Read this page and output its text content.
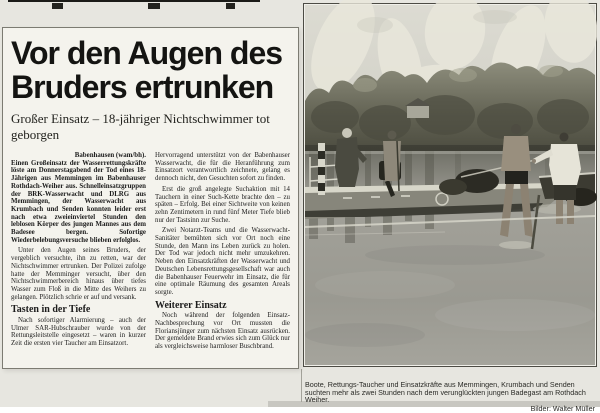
Vor den Augen des
Bruders ertrunken
Großer Einsatz – 18-jähriger Nichtschwimmer tot geborgen

Babenhausen (wam/bh).
Einen Großeinsatz der Wasserrettungskräfte löste am Donnerstagabend der Tod eines 18-Jährigen aus Memmingen im Babenhauser Rothdach-Weiher aus. Schnelleinsatzgruppen der BRK-Wasserwacht und DLRG aus Memmingen, der Wasserwacht aus Krumbach und Senden konnten leider erst nach etwa zweieinviertel Stunden den leblosen Körper des jungen Mannes aus dem Badesee bergen. Sofortige Wiederbelebungsversuche blieben erfolglos.

Unter den Augen seines Bruders, der vergeblich versuchte, ihn zu retten, war der Nichtschwimmer ertrunken. Der Polizei zufolge hatte der Memminger versucht, über den Nichtschwimmerbereich hinaus über tiefes Wasser zum Floß in die Mitte des Weihers zu gelangen. Plötzlich schrie er auf und versank.

Tasten in der Tiefe

Nach sofortiger Alarmierung – auch der Ulmer SAR-Hubschrauber wurde von der Rettungsleitstelle eingesetzt – waren in kurzer Zeit die ersten vier Taucher am Einsatzort.

Hervorragend unterstützt von der Babenhauser Wasserwacht, die für die Heranführung zum Einsatzort verantwortlich zeichnete, gelang es dennoch nicht, den Gesuchten sofort zu finden.

Erst die groß angelegte Suchaktion mit 14 Tauchern in einer Such-Kette brachte den – zu späten – Erfolg. Bei einer Sichtweite von keinen zehn Zentimetern in rund fünf Meter Tiefe blieb nur der Tastsinn zur Suche.

Zwei Notarzt-Teams und die Wasserwacht-Sanitäter bemühten sich vor Ort noch eine Stunde, den Mann ins Leben zurück zu holen. Der Tod war jedoch nicht mehr umzukehren. Neben den Einsatzkräften der Wasserwacht und Deutschen Lebensrettungsgesellschaft war auch die Babenhauser Feuerwehr im Einsatz, die für eine optimale Räumung des gesamten Areals sorgte.

Weiterer Einsatz

Noch während der folgenden Einsatz-Nachbesprechung vor Ort mussten die Floriansjünger zum nächsten Einsatz ausrücken. Der gemeldete Brand erwies sich zum Glück nur als vergleichsweise harmloser Buschbrand.

Boote, Rettungs-Taucher und Einsatzkräfte aus Memmingen, Krumbach und Senden suchten mehr als zwei Stunden nach dem verunglückten jungen Badegast am Rothdach Weiher.
Bilder: Walter Müller
